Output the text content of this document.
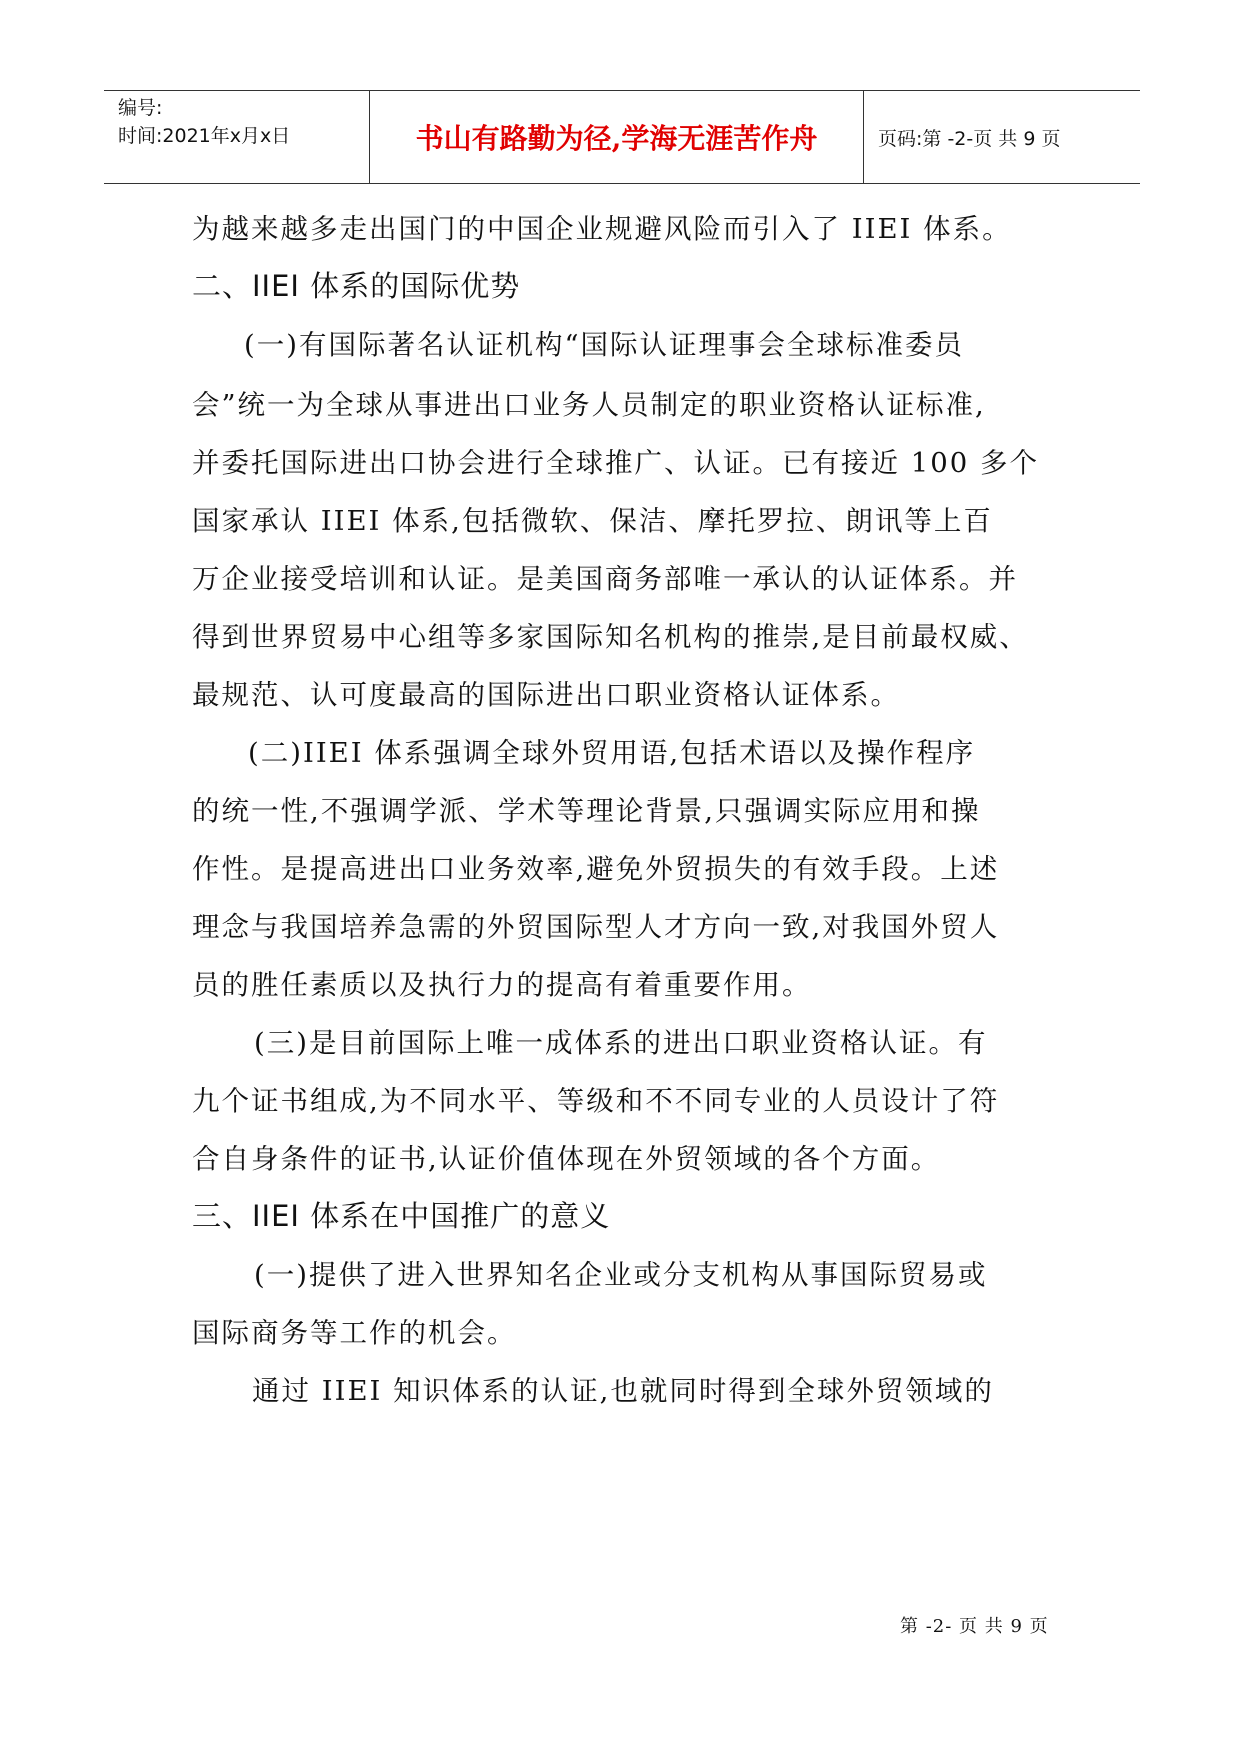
编号:
时间:2021年x月x日	书山有路勤为径,学海无涯苦作舟	页码:第 -2-页 共 9 页
为越来越多走出国门的中国企业规避风险而引入了 IIEI 体系。
二、IIEI 体系的国际优势
(一)有国际著名认证机构“国际认证理事会全球标准委员
会”统一为全球从事进出口业务人员制定的职业资格认证标准,
并委托国际进出口协会进行全球推广、认证。已有接近 100 多个
国家承认 IIEI 体系,包括微软、保洁、摩托罗拉、朗讯等上百
万企业接受培训和认证。是美国商务部唯一承认的认证体系。并
得到世界贸易中心组等多家国际知名机构的推崇,是目前最权威、
最规范、认可度最高的国际进出口职业资格认证体系。
(二)IIEI 体系强调全球外贸用语,包括术语以及操作程序
的统一性,不强调学派、学术等理论背景,只强调实际应用和操
作性。是提高进出口业务效率,避免外贸损失的有效手段。上述
理念与我国培养急需的外贸国际型人才方向一致,对我国外贸人
员的胜任素质以及执行力的提高有着重要作用。
(三)是目前国际上唯一成体系的进出口职业资格认证。有
九个证书组成,为不同水平、等级和不不同专业的人员设计了符
合自身条件的证书,认证价值体现在外贸领域的各个方面。
三、IIEI 体系在中国推广的意义
(一)提供了进入世界知名企业或分支机构从事国际贸易或
国际商务等工作的机会。
通过 IIEI 知识体系的认证,也就同时得到全球外贸领域的
第 -2- 页 共 9 页
